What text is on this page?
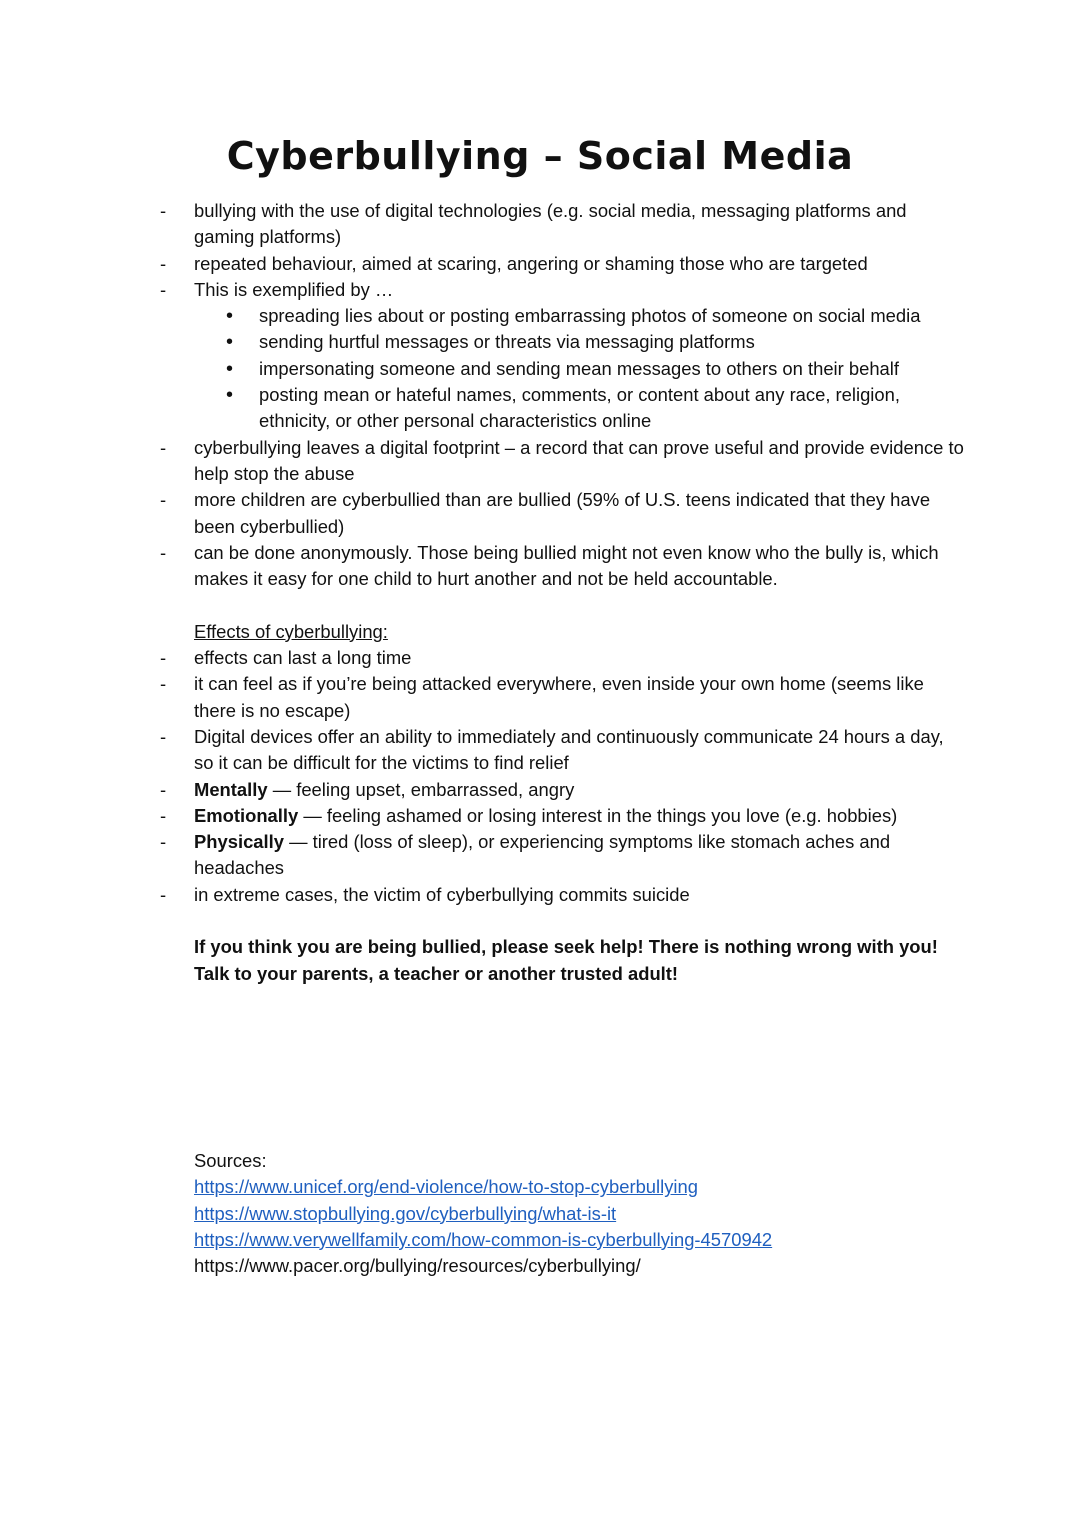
Cyberbullying – Social Media
- bullying with the use of digital technologies (e.g. social media, messaging platforms and gaming platforms)
- repeated behaviour, aimed at scaring, angering or shaming those who are targeted
- This is exemplified by …
• spreading lies about or posting embarrassing photos of someone on social media
• sending hurtful messages or threats via messaging platforms
• impersonating someone and sending mean messages to others on their behalf
• posting mean or hateful names, comments, or content about any race, religion, ethnicity, or other personal characteristics online
- cyberbullying leaves a digital footprint – a record that can prove useful and provide evidence to help stop the abuse
- more children are cyberbullied than are bullied (59% of U.S. teens indicated that they have been cyberbullied)
- can be done anonymously. Those being bullied might not even know who the bully is, which makes it easy for one child to hurt another and not be held accountable.
Effects of cyberbullying:
- effects can last a long time
- it can feel as if you’re being attacked everywhere, even inside your own home (seems like there is no escape)
- Digital devices offer an ability to immediately and continuously communicate 24 hours a day, so it can be difficult for the victims to find relief
- Mentally — feeling upset, embarrassed, angry
- Emotionally — feeling ashamed or losing interest in the things you love (e.g. hobbies)
- Physically — tired (loss of sleep), or experiencing symptoms like stomach aches and headaches
- in extreme cases, the victim of cyberbullying commits suicide
If you think you are being bullied, please seek help! There is nothing wrong with you! Talk to your parents, a teacher or another trusted adult!
Sources:
https://www.unicef.org/end-violence/how-to-stop-cyberbullying
https://www.stopbullying.gov/cyberbullying/what-is-it
https://www.verywellfamily.com/how-common-is-cyberbullying-4570942
https://www.pacer.org/bullying/resources/cyberbullying/
